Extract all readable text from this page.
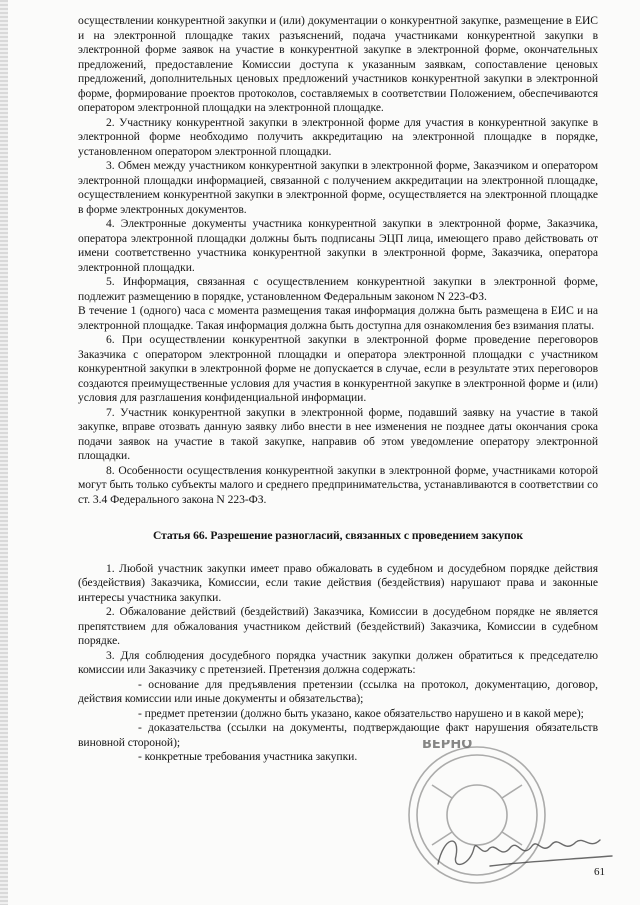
осуществлении конкурентной закупки и (или) документации о конкурентной закупке, размещение в ЕИС и на электронной площадке таких разъяснений, подача участниками конкурентной закупки в электронной форме заявок на участие в конкурентной закупке в электронной форме, окончательных предложений, предоставление Комиссии доступа к указанным заявкам, сопоставление ценовых предложений, дополнительных ценовых предложений участников конкурентной закупки в электронной форме, формирование проектов протоколов, составляемых в соответствии Положением, обеспечиваются оператором электронной площадки на электронной площадке.

2. Участнику конкурентной закупки в электронной форме для участия в конкурентной закупке в электронной форме необходимо получить аккредитацию на электронной площадке в порядке, установленном оператором электронной площадки.

3. Обмен между участником конкурентной закупки в электронной форме, Заказчиком и оператором электронной площадки информацией, связанной с получением аккредитации на электронной площадке, осуществлением конкурентной закупки в электронной форме, осуществляется на электронной площадке в форме электронных документов.

4. Электронные документы участника конкурентной закупки в электронной форме, Заказчика, оператора электронной площадки должны быть подписаны ЭЦП лица, имеющего право действовать от имени соответственно участника конкурентной закупки в электронной форме, Заказчика, оператора электронной площадки.

5. Информация, связанная с осуществлением конкурентной закупки в электронной форме, подлежит размещению в порядке, установленном Федеральным законом N 223-ФЗ.

В течение 1 (одного) часа с момента размещения такая информация должна быть размещена в ЕИС и на электронной площадке. Такая информация должна быть доступна для ознакомления без взимания платы.

6. При осуществлении конкурентной закупки в электронной форме проведение переговоров Заказчика с оператором электронной площадки и оператора электронной площадки с участником конкурентной закупки в электронной форме не допускается в случае, если в результате этих переговоров создаются преимущественные условия для участия в конкурентной закупке в электронной форме и (или) условия для разглашения конфиденциальной информации.

7. Участник конкурентной закупки в электронной форме, подавший заявку на участие в такой закупке, вправе отозвать данную заявку либо внести в нее изменения не позднее даты окончания срока подачи заявок на участие в такой закупке, направив об этом уведомление оператору электронной площадки.

8. Особенности осуществления конкурентной закупки в электронной форме, участниками которой могут быть только субъекты малого и среднего предпринимательства, устанавливаются в соответствии со ст. 3.4 Федерального закона N 223-ФЗ.

Статья 66. Разрешение разногласий, связанных с проведением закупок

1. Любой участник закупки имеет право обжаловать в судебном и досудебном порядке действия (бездействия) Заказчика, Комиссии, если такие действия (бездействия) нарушают права и законные интересы участника закупки.

2. Обжалование действий (бездействий) Заказчика, Комиссии в досудебном порядке не является препятствием для обжалования участником действий (бездействий) Заказчика, Комиссии в судебном порядке.

3. Для соблюдения досудебного порядка участник закупки должен обратиться к председателю комиссии или Заказчику с претензией. Претензия должна содержать:

- основание для предъявления претензии (ссылка на протокол, документацию, договор, действия комиссии или иные документы и обязательства);

- предмет претензии (должно быть указано, какое обязательство нарушено и в какой мере);

- доказательства (ссылки на документы, подтверждающие факт нарушения обязательств виновной стороной);

- конкретные требования участника закупки.

ВЕРНО
61
